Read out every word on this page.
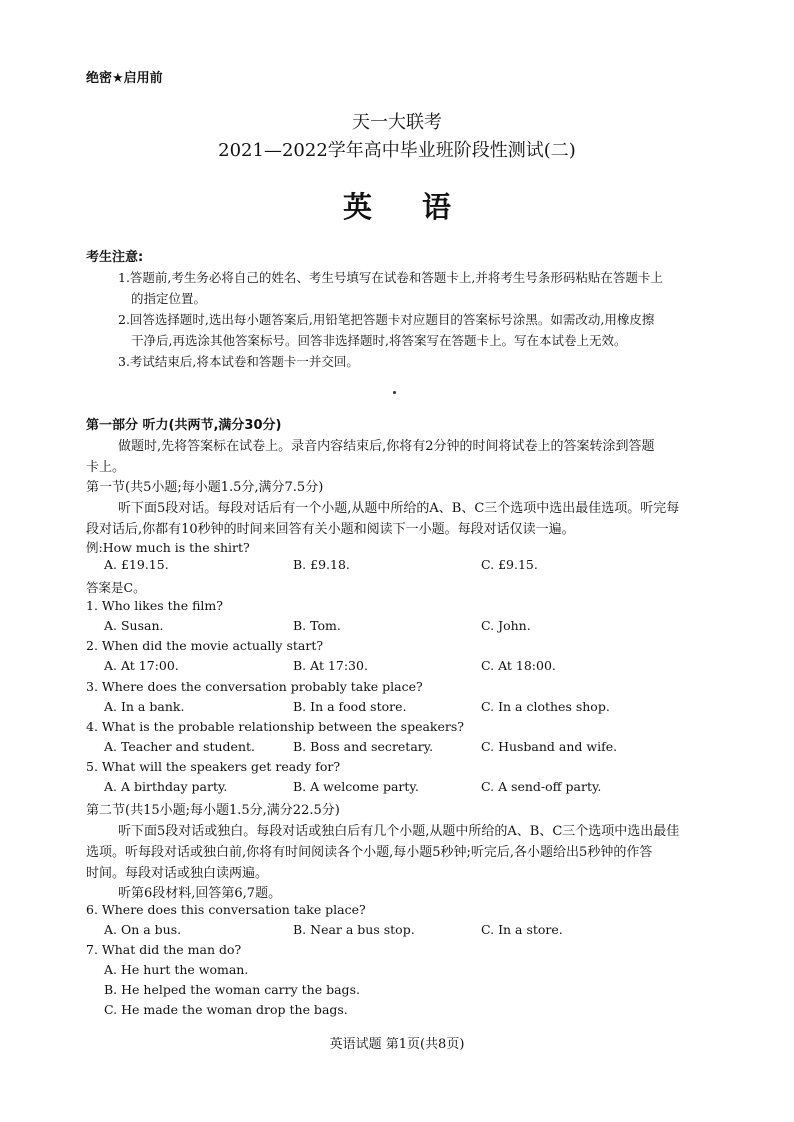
绝密★启用前
天一大联考
2021—2022学年高中毕业班阶段性测试(二)
英 语
考生注意:
1.答题前,考生务必将自己的姓名、考生号填写在试卷和答题卡上,并将考生号条形码粘贴在答题卡上
的指定位置。
2.回答选择题时,选出每小题答案后,用铅笔把答题卡对应题目的答案标号涂黑。如需改动,用橡皮擦
干净后,再选涂其他答案标号。回答非选择题时,将答案写在答题卡上。写在本试卷上无效。
3.考试结束后,将本试卷和答题卡一并交回。
第一部分 听力(共两节,满分30分)
做题时,先将答案标在试卷上。录音内容结束后,你将有2分钟的时间将试卷上的答案转涂到答题
卡上。
第一节(共5小题;每小题1.5分,满分7.5分)
听下面5段对话。每段对话后有一个小题,从题中所给的A、B、C三个选项中选出最佳选项。听完每
段对话后,你都有10秒钟的时间来回答有关小题和阅读下一小题。每段对话仅读一遍。
例:How much is the shirt?
A. £19.15.	B. £9.18.	C. £9.15.
答案是C。
1. Who likes the film?
A. Susan.	B. Tom.	C. John.
2. When did the movie actually start?
A. At 17:00.	B. At 17:30.	C. At 18:00.
3. Where does the conversation probably take place?
A. In a bank.	B. In a food store.	C. In a clothes shop.
4. What is the probable relationship between the speakers?
A. Teacher and student.	B. Boss and secretary.	C. Husband and wife.
5. What will the speakers get ready for?
A. A birthday party.	B. A welcome party.	C. A send-off party.
第二节(共15小题;每小题1.5分,满分22.5分)
听下面5段对话或独白。每段对话或独白后有几个小题,从题中所给的A、B、C三个选项中选出最佳
选项。听每段对话或独白前,你将有时间阅读各个小题,每小题5秒钟;听完后,各小题给出5秒钟的作答
时间。每段对话或独白读两遍。
听第6段材料,回答第6,7题。
6. Where does this conversation take place?
A. On a bus.	B. Near a bus stop.	C. In a store.
7. What did the man do?
A. He hurt the woman.
B. He helped the woman carry the bags.
C. He made the woman drop the bags.
英语试题 第1页(共8页)
